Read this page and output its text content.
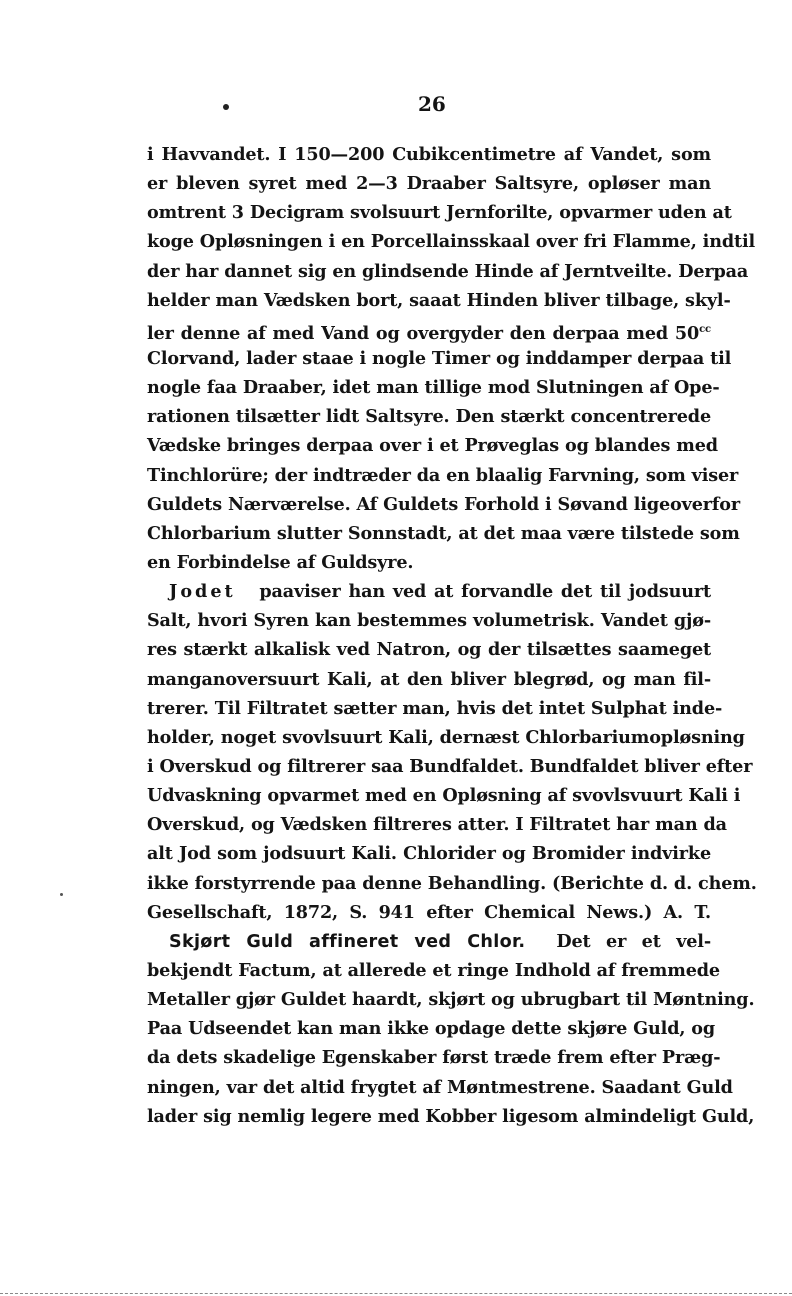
26
i Havvandet. I 150—200 Cubikcentimetre af Vandet, som
er bleven syret med 2—3 Draaber Saltsyre, opløser man
omtrent 3 Decigram svolsuurt Jernforilte, opvarmer uden at
koge Opløsningen i en Porcellainsskaal over fri Flamme, indtil
der har dannet sig en glindsende Hinde af Jerntveilte. Derpaa
helder man Vædsken bort, saaat Hinden bliver tilbage, skyl-
ler denne af med Vand og overgyder den derpaa med $50^{cc}$
Clorvand, lader staae i nogle Timer og inddamper derpaa til
nogle faa Draaber, idet man tillige mod Slutningen af Ope-
rationen tilsætter lidt Saltsyre. Den stærkt concentrerede
Vædske bringes derpaa over i et Prøveglas og blandes med
Tinchlorüre; der indtræder da en blaalig Farvning, som viser
Guldets Nærværelse. Af Guldets Forhold i Søvand ligeoverfor
Chlorbarium slutter Sonnstadt, at det maa være tilstede som
en Forbindelse af Guldsyre.
Jodet paaviser han ved at forvandle det til jodsuurt
Salt, hvori Syren kan bestemmes volumetrisk. Vandet gjø-
res stærkt alkalisk ved Natron, og der tilsættes saameget
manganoversuurt Kali, at den bliver blegrød, og man fil-
trerer. Til Filtratet sætter man, hvis det intet Sulphat inde-
holder, noget svovlsuurt Kali, dernæst Chlorbariumopløsning
i Overskud og filtrerer saa Bundfaldet. Bundfaldet bliver efter
Udvaskning opvarmet med en Opløsning af svovlsvuurt Kali i
Overskud, og Vædsken filtreres atter. I Filtratet har man da
alt Jod som jodsuurt Kali. Chlorider og Bromider indvirke
ikke forstyrrende paa denne Behandling. (Berichte d. d. chem.
Gesellschaft, 1872, S. 941 efter Chemical News.) A. T.
Skjørt Guld affineret ved Chlor. Det er et vel-
bekjendt Factum, at allerede et ringe Indhold af fremmede
Metaller gjør Guldet haardt, skjørt og ubrugbart til Møntning.
Paa Udseendet kan man ikke opdage dette skjøre Guld, og
da dets skadelige Egenskaber først træde frem efter Præg-
ningen, var det altid frygtet af Møntmestrene. Saadant Guld
lader sig nemlig legere med Kobber ligesom almindeligt Guld,
